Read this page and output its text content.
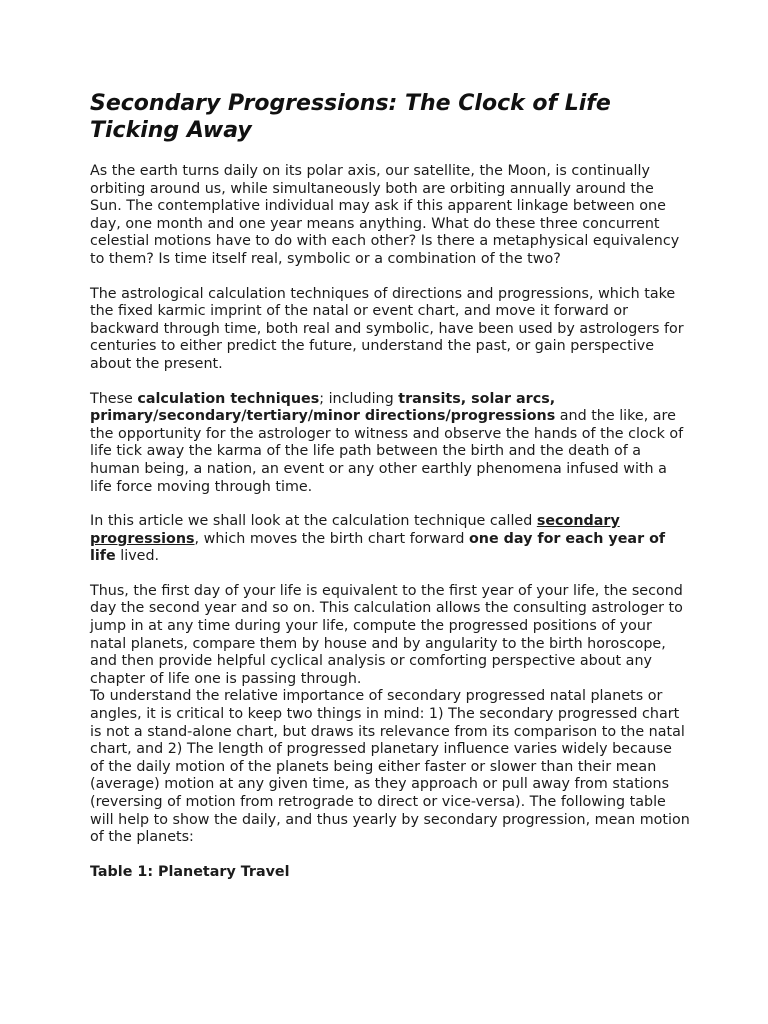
Secondary Progressions: The Clock of Life Ticking Away

As the earth turns daily on its polar axis, our satellite, the Moon, is continually orbiting around us, while simultaneously both are orbiting annually around the Sun. The contemplative individual may ask if this apparent linkage between one day, one month and one year means anything. What do these three concurrent celestial motions have to do with each other? Is there a metaphysical equivalency to them? Is time itself real, symbolic or a combination of the two?

The astrological calculation techniques of directions and progressions, which take the fixed karmic imprint of the natal or event chart, and move it forward or backward through time, both real and symbolic, have been used by astrologers for centuries to either predict the future, understand the past, or gain perspective about the present.

These calculation techniques; including transits, solar arcs, primary/secondary/tertiary/minor directions/progressions and the like, are the opportunity for the astrologer to witness and observe the hands of the clock of life tick away the karma of the life path between the birth and the death of a human being, a nation, an event or any other earthly phenomena infused with a life force moving through time.

In this article we shall look at the calculation technique called secondary progressions, which moves the birth chart forward one day for each year of life lived.

Thus, the first day of your life is equivalent to the first year of your life, the second day the second year and so on. This calculation allows the consulting astrologer to jump in at any time during your life, compute the progressed positions of your natal planets, compare them by house and by angularity to the birth horoscope, and then provide helpful cyclical analysis or comforting perspective about any chapter of life one is passing through.

To understand the relative importance of secondary progressed natal planets or angles, it is critical to keep two things in mind: 1) The secondary progressed chart is not a stand-alone chart, but draws its relevance from its comparison to the natal chart, and 2) The length of progressed planetary influence varies widely because of the daily motion of the planets being either faster or slower than their mean (average) motion at any given time, as they approach or pull away from stations (reversing of motion from retrograde to direct or vice-versa). The following table will help to show the daily, and thus yearly by secondary progression, mean motion of the planets:

Table 1: Planetary Travel
